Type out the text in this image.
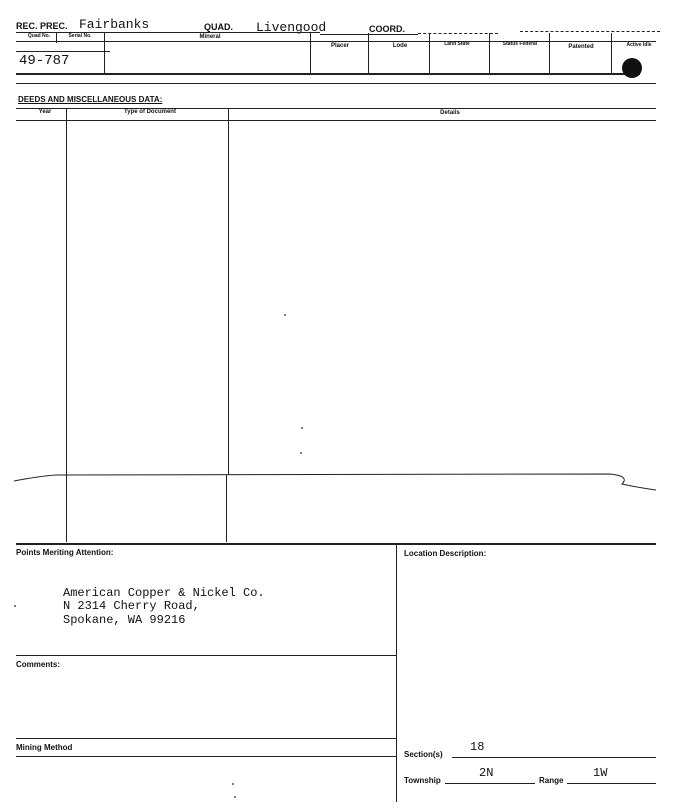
REC. PREC. Fairbanks	QUAD. Livengood	COORD.
Quad No.	Serial No.	Mineral
Placer	Lode	Land State	Status Federal	Patented	Active Idle
49-787
DEEDS AND MISCELLANEOUS DATA:
Year	Type of Document	Details
Points Meriting Attention:
American Copper & Nickel Co.
N 2314 Cherry Road,
Spokane, WA 99216
Location Description:
Comments:
Mining Method
Section(s)
18
Township
2N
Range
1W
